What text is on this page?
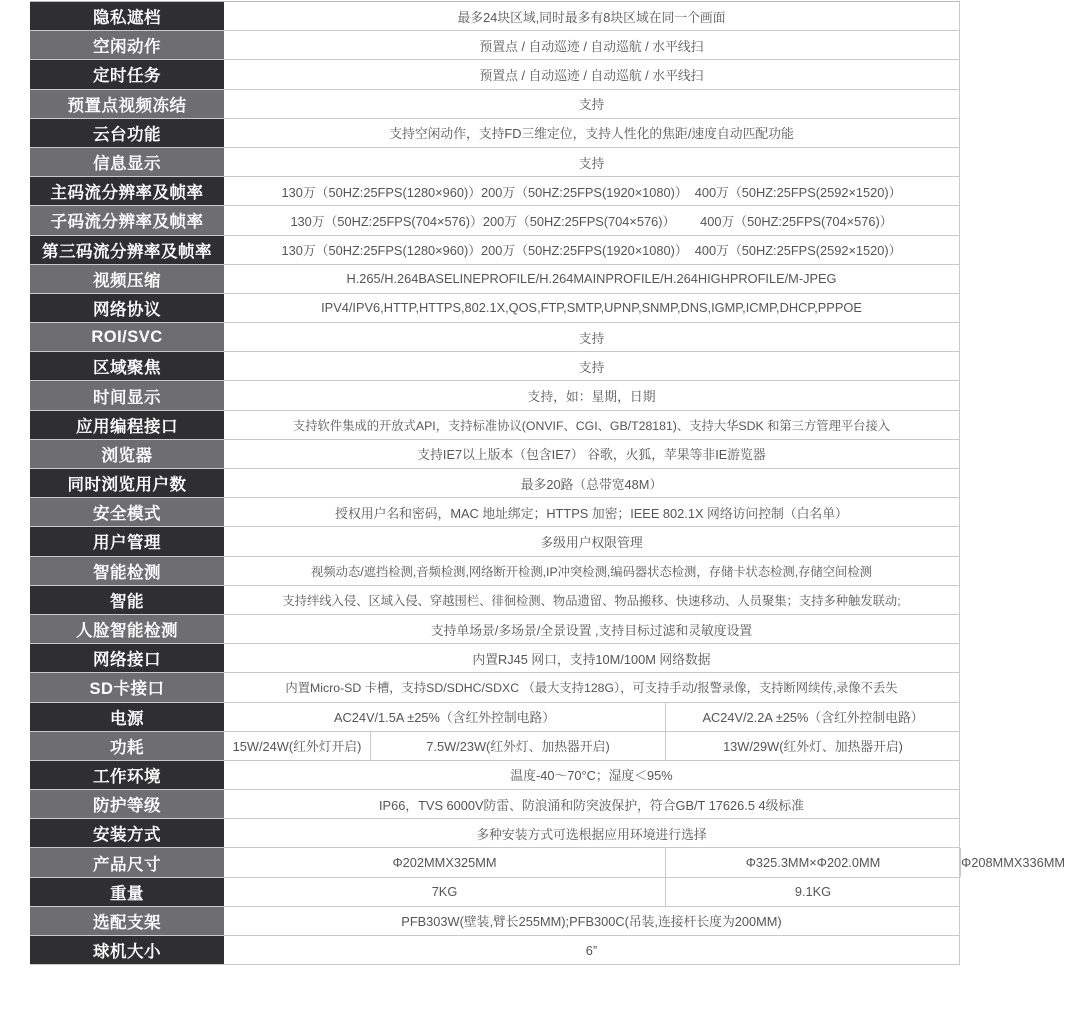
隐私遮档	最多24块区域,同时最多有8块区域在同一个画面
空闲动作	预置点 / 自动巡迹 / 自动巡航 / 水平线扫
定时任务	预置点 / 自动巡迹 / 自动巡航 / 水平线扫
预置点视频冻结	支持
云台功能	支持空闲动作，支持FD三维定位，支持人性化的焦距/速度自动匹配功能
信息显示	支持
主码流分辨率及帧率	130万（50HZ:25FPS(1280×960)）200万（50HZ:25FPS(1920×1080)）  400万（50HZ:25FPS(2592×1520)）
子码流分辨率及帧率	130万（50HZ:25FPS(704×576)）200万（50HZ:25FPS(704×576)）       400万（50HZ:25FPS(704×576)）
第三码流分辨率及帧率	130万（50HZ:25FPS(1280×960)）200万（50HZ:25FPS(1920×1080)）  400万（50HZ:25FPS(2592×1520)）
视频压缩	H.265/H.264BASELINEPROFILE/H.264MAINPROFILE/H.264HIGHPROFILE/M-JPEG
网络协议	IPV4/IPV6,HTTP,HTTPS,802.1X,QOS,FTP,SMTP,UPNP,SNMP,DNS,IGMP,ICMP,DHCP,PPPOE
ROI/SVC	支持
区域聚焦	支持
时间显示	支持，如：星期，日期
应用编程接口	支持软件集成的开放式API，支持标准协议(ONVIF、CGI、GB/T28181)、支持大华SDK 和第三方管理平台接入
浏览器	支持IE7以上版本（包含IE7） 谷歌，火狐，苹果等非IE游览器
同时浏览用户数	最多20路（总带宽48M）
安全模式	授权用户名和密码，MAC 地址绑定；HTTPS 加密；IEEE 802.1X 网络访问控制（白名单）
用户管理	多级用户权限管理
智能检测	视频动态/遮挡检测,音频检测,网络断开检测,IP冲突检测,编码器状态检测，存储卡状态检测,存储空间检测
智能	支持绊线入侵、区域入侵、穿越围栏、徘徊检测、物品遗留、物品搬移、快速移动、人员聚集；支持多种触发联动;
人脸智能检测	支持单场景/多场景/全景设置 ,支持目标过滤和灵敏度设置
网络接口	内置RJ45 网口，支持10M/100M 网络数据
SD卡接口	内置Micro-SD 卡槽，支持SD/SDHC/SDXC （最大支持128G），可支持手动/报警录像，支持断网续传,录像不丢失
电源	AC24V/1.5A ±25%（含红外控制电路）	AC24V/2.2A ±25%（含红外控制电路）
功耗	15W/24W(红外灯开启)	7.5W/23W(红外灯、加热器开启)	13W/29W(红外灯、加热器开启)
工作环境	温度-40～70°C；湿度＜95%
防护等级	IP66，TVS 6000V防雷、防浪涌和防突波保护，符合GB/T 17626.5 4级标准
安装方式	多种安装方式可选根据应用环境进行选择
产品尺寸	Φ202MMX325MM	Φ325.3MM×Φ202.0MM	Φ208MMX336MM
重量	7KG	9.1KG
选配支架	PFB303W(壁装,臂长255MM);PFB300C(吊装,连接杆长度为200MM)
球机大小	6”
